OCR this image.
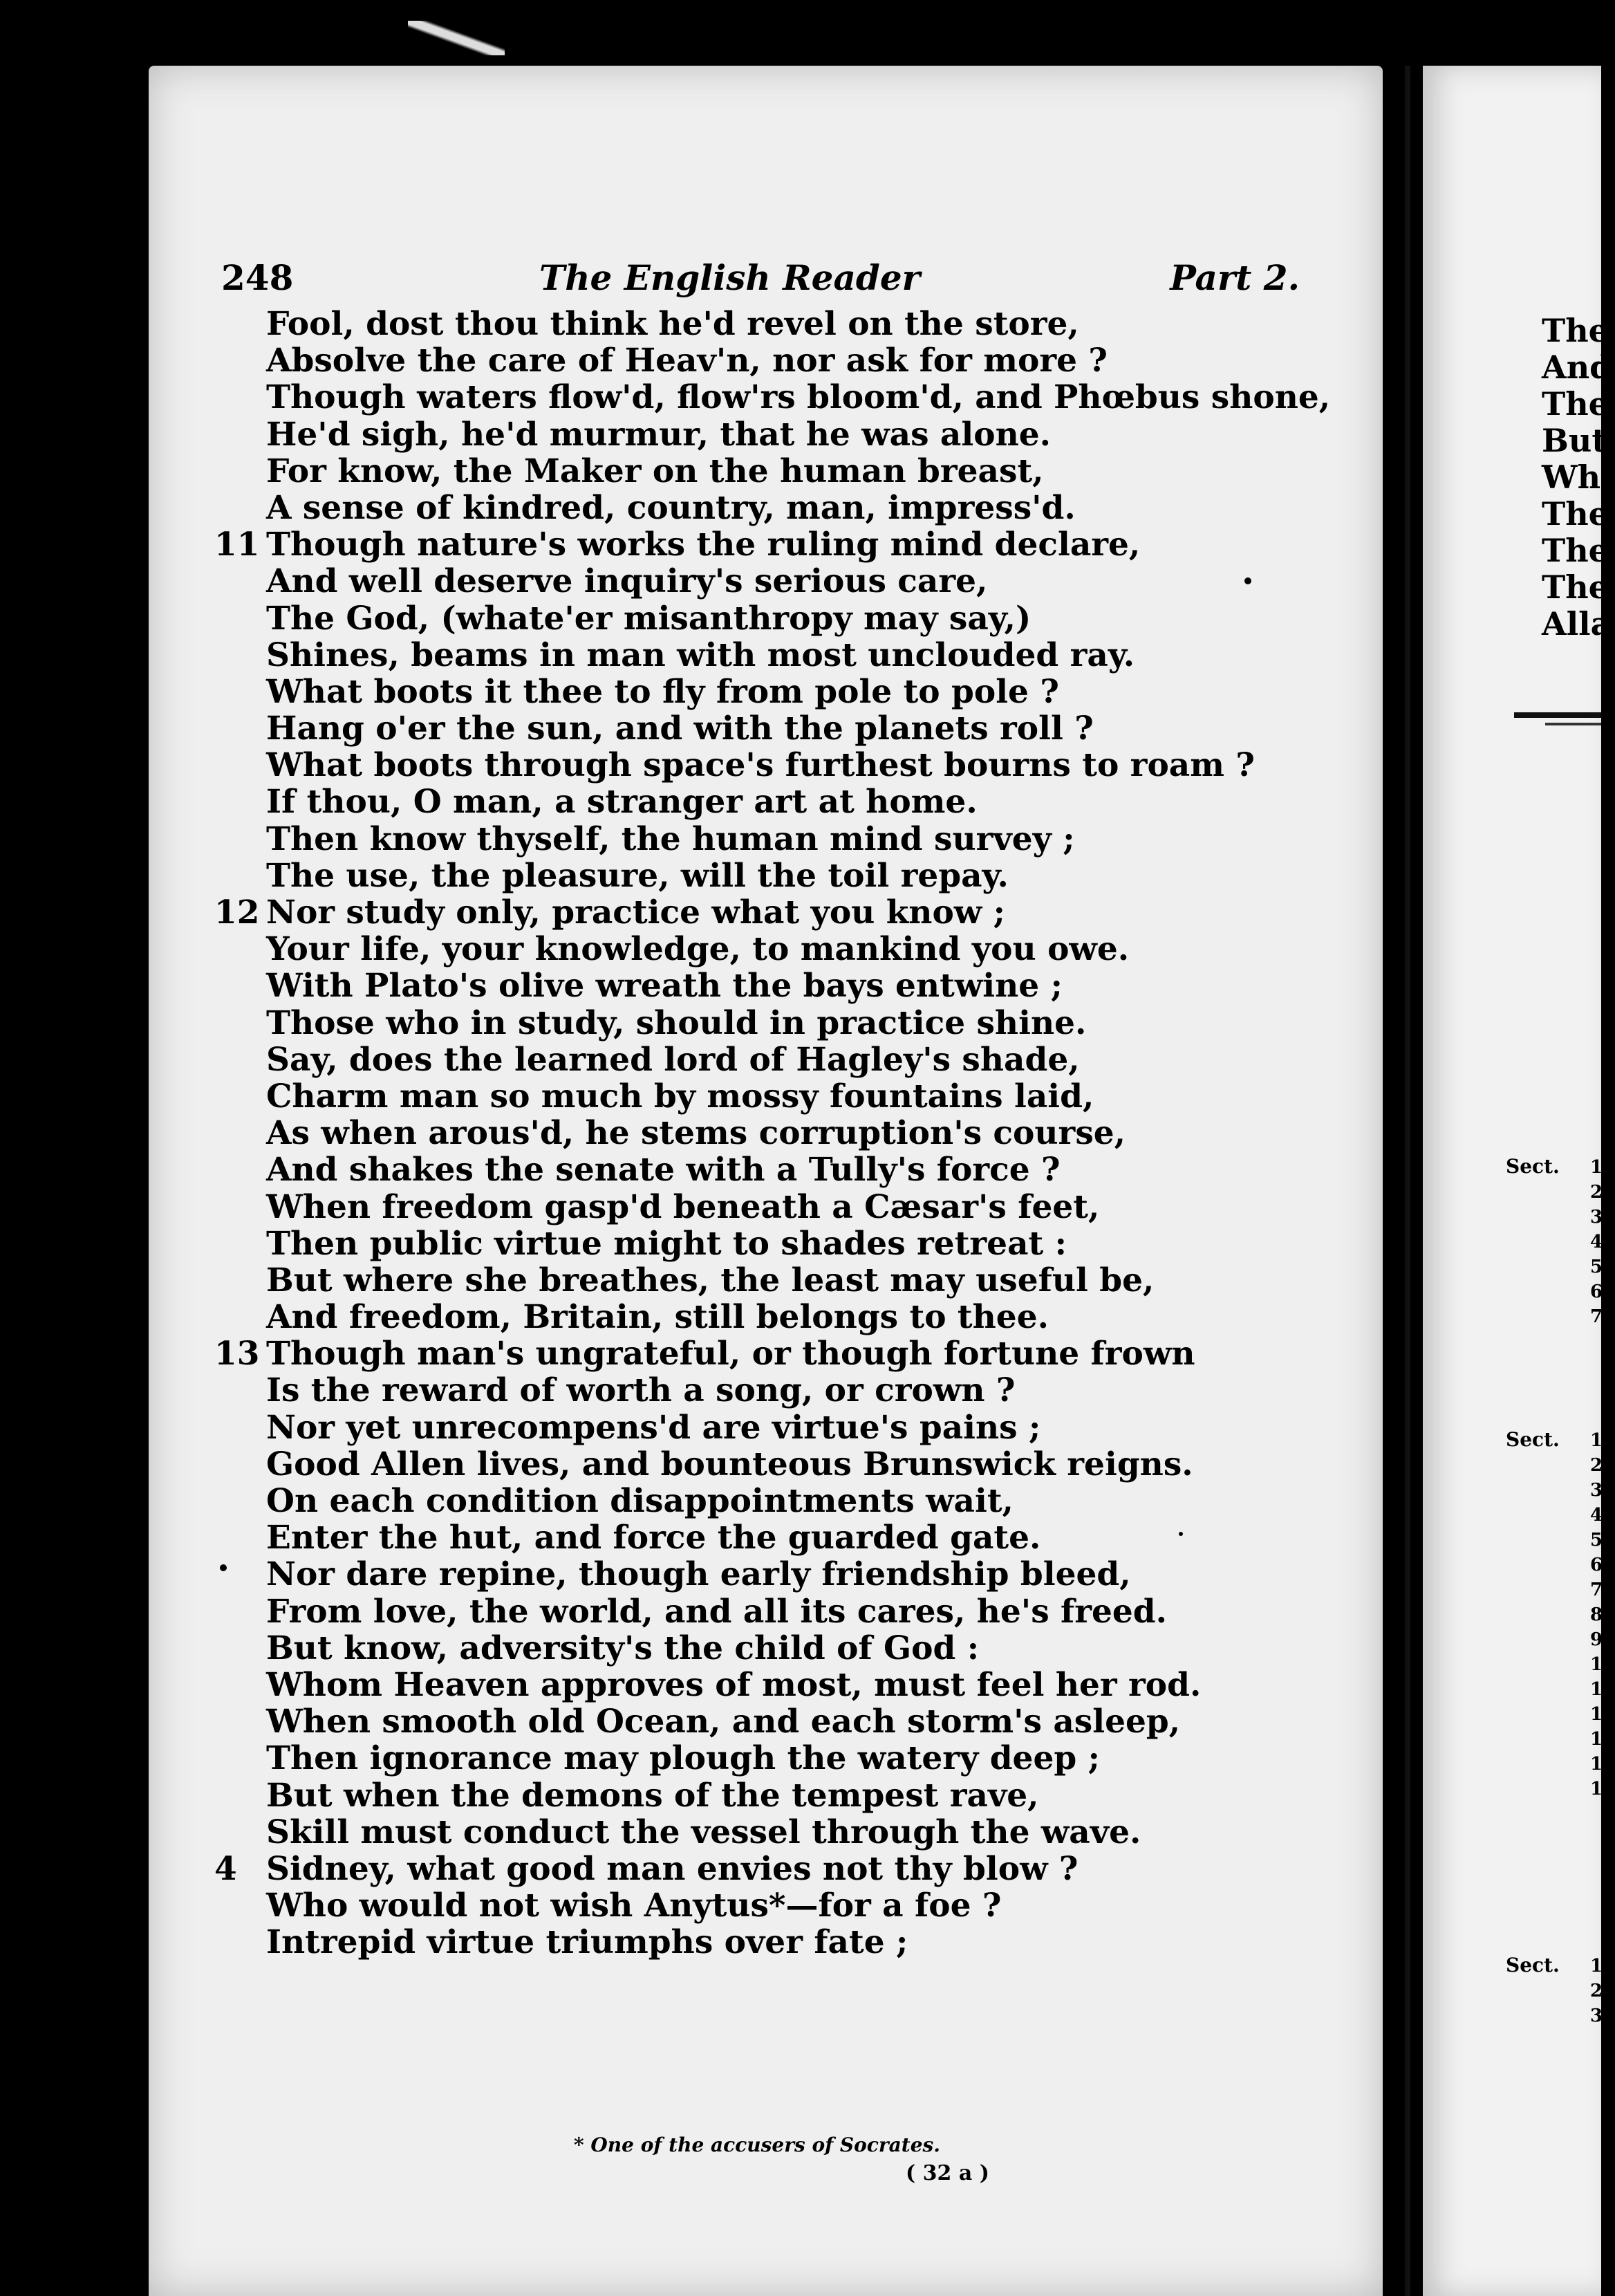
248	The English Reader	Part 2.
Fool, dost thou think he'd revel on the store,
Absolve the care of Heav'n, nor ask for more ?
Though waters flow'd, flow'rs bloom'd, and Phœbus shone,
He'd sigh, he'd murmur, that he was alone.
For know, the Maker on the human breast,
A sense of kindred, country, man, impress'd.
11 Though nature's works the ruling mind declare,
And well deserve inquiry's serious care,
The God, (whate'er misanthropy may say,)
Shines, beams in man with most unclouded ray.
What boots it thee to fly from pole to pole ?
Hang o'er the sun, and with the planets roll ?
What boots through space's furthest bourns to roam ?
If thou, O man, a stranger art at home.
Then know thyself, the human mind survey ;
The use, the pleasure, will the toil repay.
12 Nor study only, practice what you know ;
Your life, your knowledge, to mankind you owe.
With Plato's olive wreath the bays entwine ;
Those who in study, should in practice shine.
Say, does the learned lord of Hagley's shade,
Charm man so much by mossy fountains laid,
As when arous'd, he stems corruption's course,
And shakes the senate with a Tully's force ?
When freedom gasp'd beneath a Cæsar's feet,
Then public virtue might to shades retreat :
But where she breathes, the least may useful be,
And freedom, Britain, still belongs to thee.
13 Though man's ungrateful, or though fortune frown
Is the reward of worth a song, or crown ?
Nor yet unrecompens'd are virtue's pains ;
Good Allen lives, and bounteous Brunswick reigns.
On each condition disappointments wait,
Enter the hut, and force the guarded gate.
Nor dare repine, though early friendship bleed,
From love, the world, and all its cares, he's freed.
But know, adversity's the child of God :
Whom Heaven approves of most, must feel her rod.
When smooth old Ocean, and each storm's asleep,
Then ignorance may plough the watery deep ;
But when the demons of the tempest rave,
Skill must conduct the vessel through the wave.
4 Sidney, what good man envies not thy blow ?
Who would not wish Anytus*—for a foe ?
Intrepid virtue triumphs over fate ;
* One of the accusers of Socrates.
( 32 a )
The
And
The
But
Wh
The
The
The
Alla
Sect. 1
2
3
4
5
6
7
Sect. 1
2
3
4
5
6
7
8
9
10
11
12
13
14
15
Sect. 1
2
3
